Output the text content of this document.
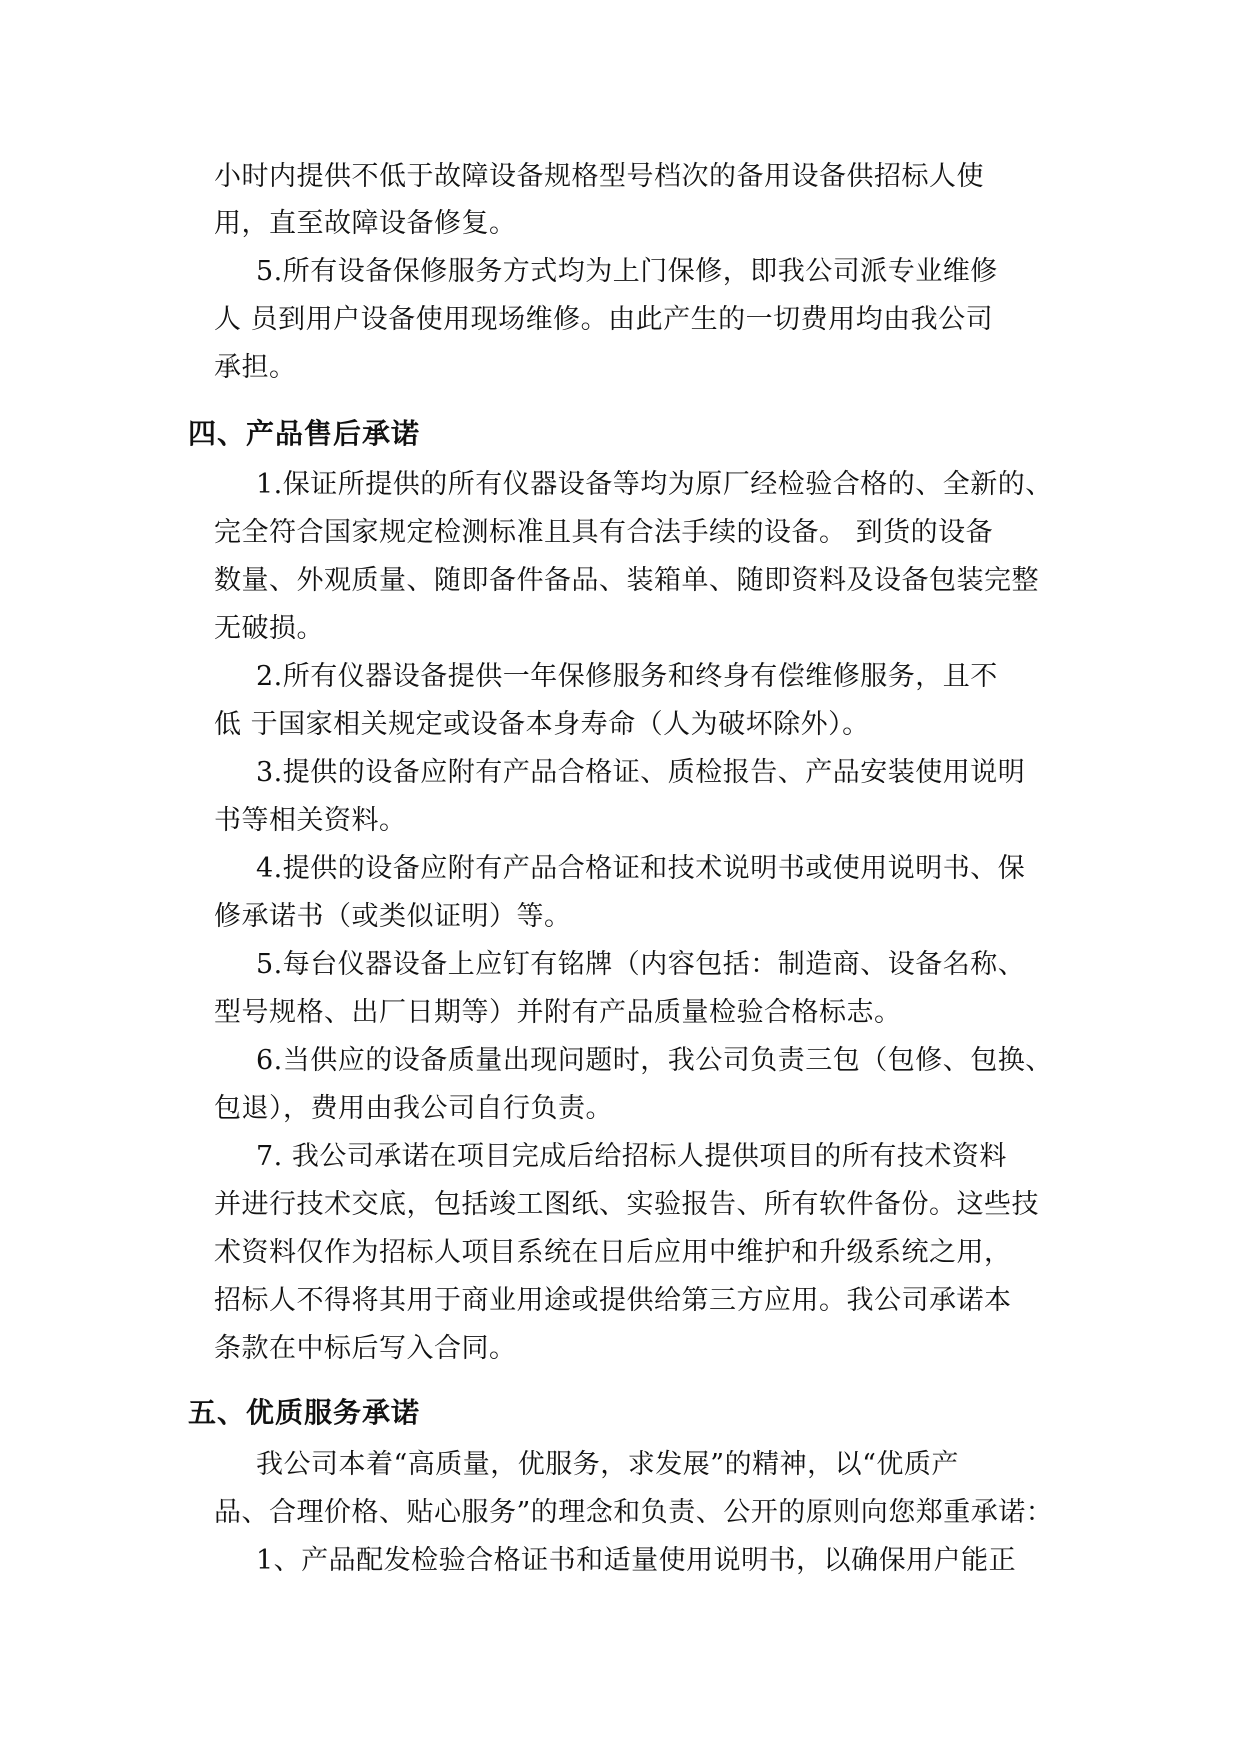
小时内提供不低于故障设备规格型号档次的备用设备供招标人使
用，直至故障设备修复。
5.所有设备保修服务方式均为上门保修，即我公司派专业维修
人 员到用户设备使用现场维修。由此产生的一切费用均由我公司
承担。
四、产品售后承诺
1.保证所提供的所有仪器设备等均为原厂经检验合格的、全新的、
完全符合国家规定检测标准且具有合法手续的设备。 到货的设备
数量、外观质量、随即备件备品、装箱单、随即资料及设备包装完整
无破损。
2.所有仪器设备提供一年保修服务和终身有偿维修服务，且不
低 于国家相关规定或设备本身寿命（人为破坏除外）。
3.提供的设备应附有产品合格证、质检报告、产品安装使用说明
书等相关资料。
4.提供的设备应附有产品合格证和技术说明书或使用说明书、保
修承诺书（或类似证明）等。
5.每台仪器设备上应钉有铭牌（内容包括：制造商、设备名称、
型号规格、出厂日期等）并附有产品质量检验合格标志。
6.当供应的设备质量出现问题时，我公司负责三包（包修、包换、
包退），费用由我公司自行负责。
7. 我公司承诺在项目完成后给招标人提供项目的所有技术资料
并进行技术交底，包括竣工图纸、实验报告、所有软件备份。这些技
术资料仅作为招标人项目系统在日后应用中维护和升级系统之用，
招标人不得将其用于商业用途或提供给第三方应用。我公司承诺本
条款在中标后写入合同。
五、优质服务承诺
我公司本着“高质量，优服务，求发展”的精神，以“优质产
品、合理价格、贴心服务”的理念和负责、公开的原则向您郑重承诺：
1、产品配发检验合格证书和适量使用说明书，以确保用户能正
